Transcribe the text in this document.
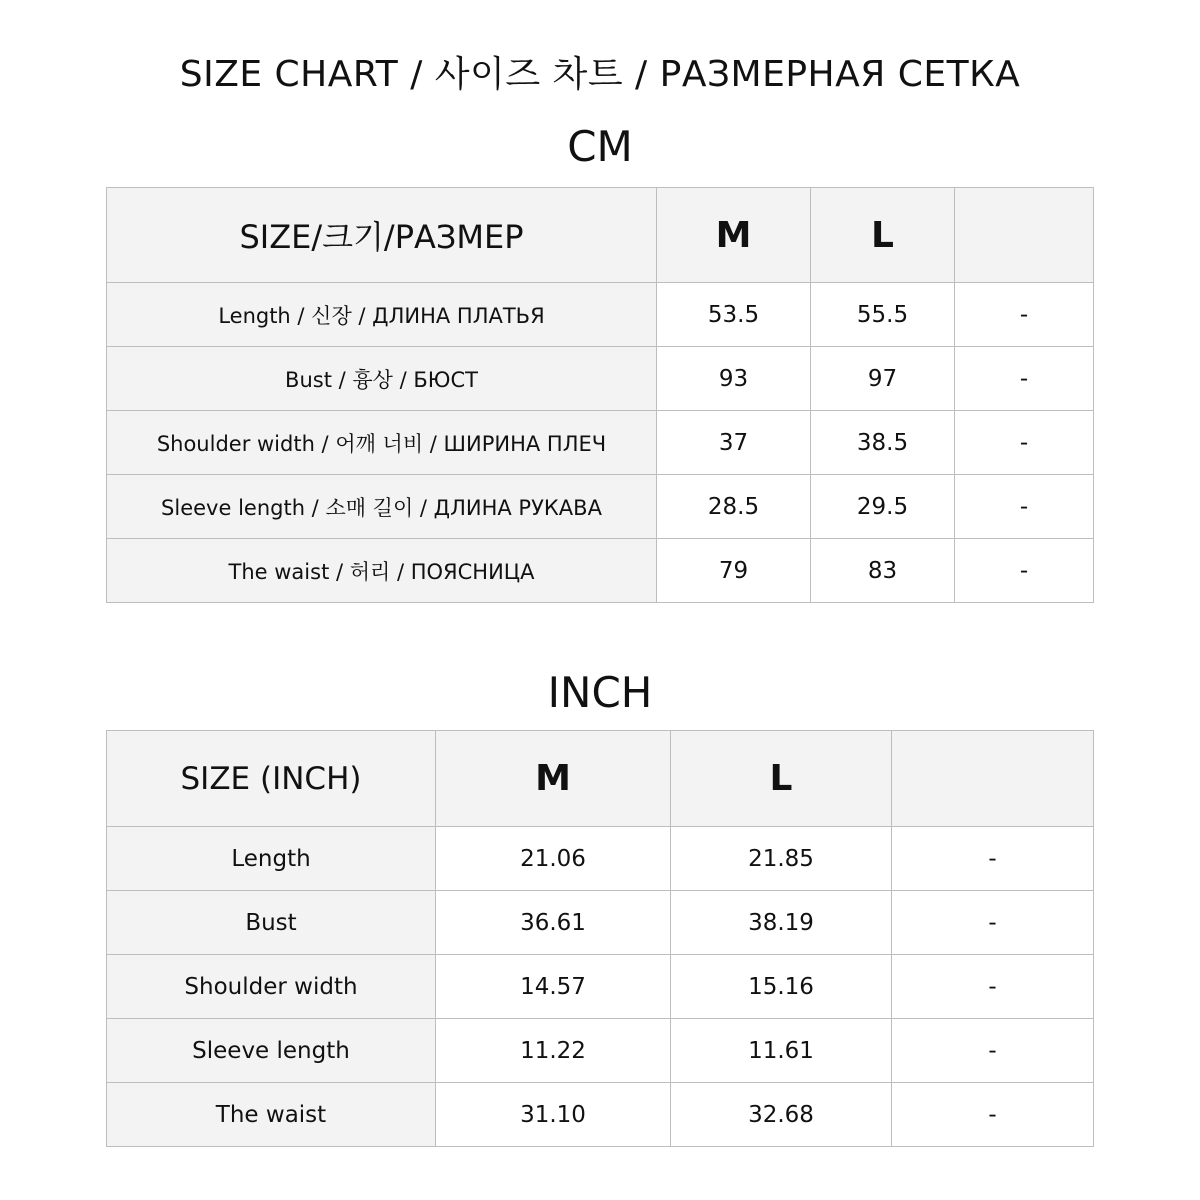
SIZE CHART / 사이즈 차트 / РАЗМЕРНАЯ СЕТКА
CM
SIZE/크기/РАЗМЕР	M	L	
Length / 신장 / ДЛИНА ПЛАТЬЯ	53.5	55.5	-
Bust / 흉상 / БЮСТ	93	97	-
Shoulder width / 어깨 너비 / ШИРИНА ПЛЕЧ	37	38.5	-
Sleeve length / 소매 길이 / ДЛИНА РУКАВА	28.5	29.5	-
The waist / 허리 / ПОЯСНИЦА	79	83	-
INCH
SIZE (INCH)	M	L	
Length	21.06	21.85	-
Bust	36.61	38.19	-
Shoulder width	14.57	15.16	-
Sleeve length	11.22	11.61	-
The waist	31.10	32.68	-
